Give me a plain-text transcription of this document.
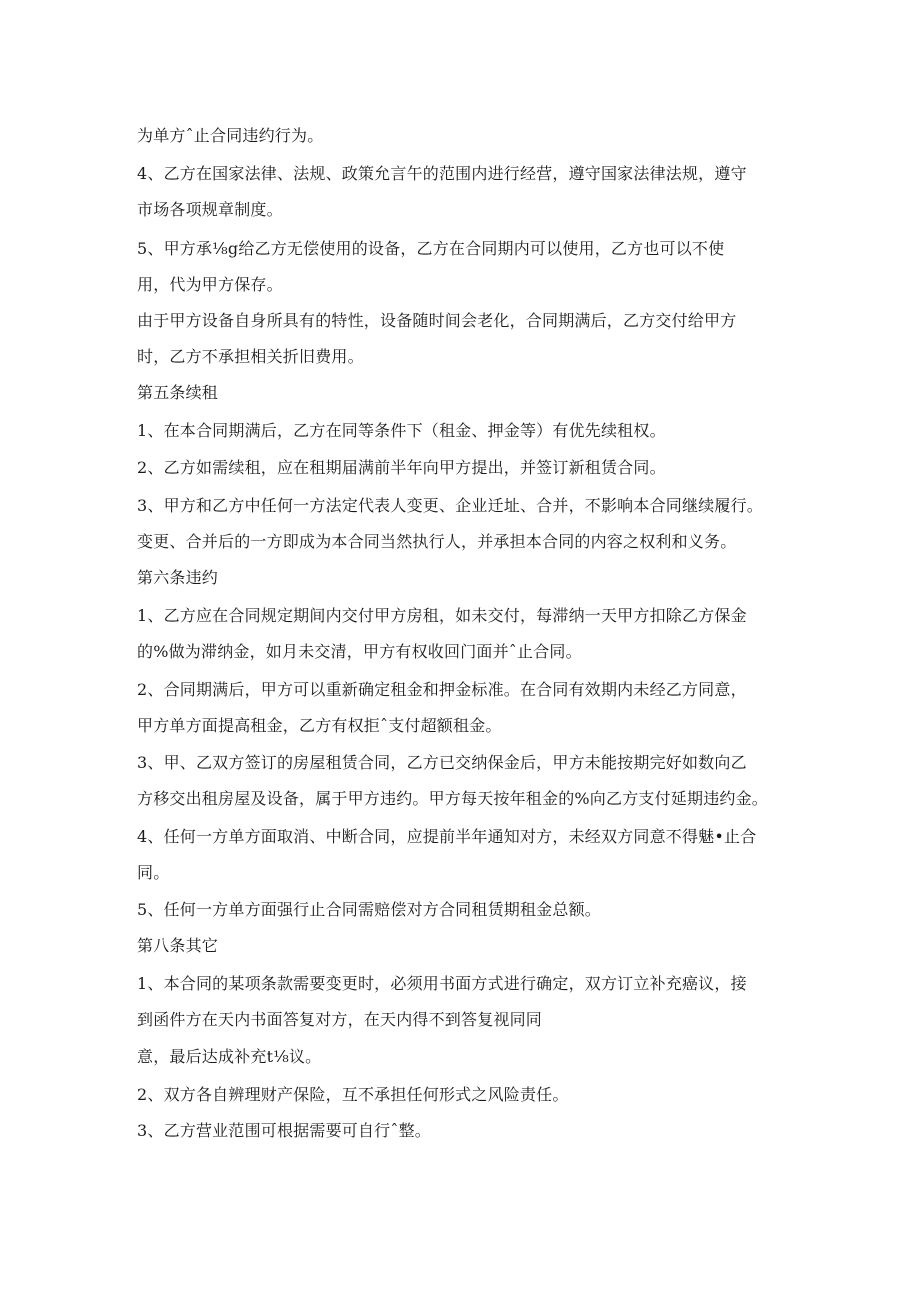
为单方ˆ止合同违约行为。
4、乙方在国家法律、法规、政策允言午的范围内进行经营，遵守国家法律法规，遵守
市场各项规章制度。
5、甲方承⅛g给乙方无偿使用的设备，乙方在合同期内可以使用，乙方也可以不使
用，代为甲方保存。
由于甲方设备自身所具有的特性，设备随时间会老化，合同期满后，乙方交付给甲方
时，乙方不承担相关折旧费用。
第五条续租
1、在本合同期满后，乙方在同等条件下（租金、押金等）有优先续租权。
2、乙方如需续租，应在租期届满前半年向甲方提出，并签订新租赁合同。
3、甲方和乙方中任何一方法定代表人变更、企业迁址、合并，不影响本合同继续履行。
变更、合并后的一方即成为本合同当然执行人，并承担本合同的内容之权利和义务。
第六条违约
1、乙方应在合同规定期间内交付甲方房租，如未交付，每滞纳一天甲方扣除乙方保金
的%做为滞纳金，如月未交清，甲方有权收回门面并ˆ止合同。
2、合同期满后，甲方可以重新确定租金和押金标准。在合同有效期内未经乙方同意，
甲方单方面提高租金，乙方有权拒ˆ支付超额租金。
3、甲、乙双方签订的房屋租赁合同，乙方已交纳保金后，甲方未能按期完好如数向乙
方移交出租房屋及设备，属于甲方违约。甲方每天按年租金的%向乙方支付延期违约金。
4、任何一方单方面取消、中断合同，应提前半年通知对方，未经双方同意不得魅•止合
同。
5、任何一方单方面强行止合同需赔偿对方合同租赁期租金总额。
第八条其它
1、本合同的某项条款需要变更时，必须用书面方式进行确定，双方订立补充癌议，接
到函件方在天内书面答复对方，在天内得不到答复视同同
意，最后达成补充t⅛议。
2、双方各自辨理财产保险，互不承担任何形式之风险责任。
3、乙方营业范围可根据需要可自行ˆ整。
